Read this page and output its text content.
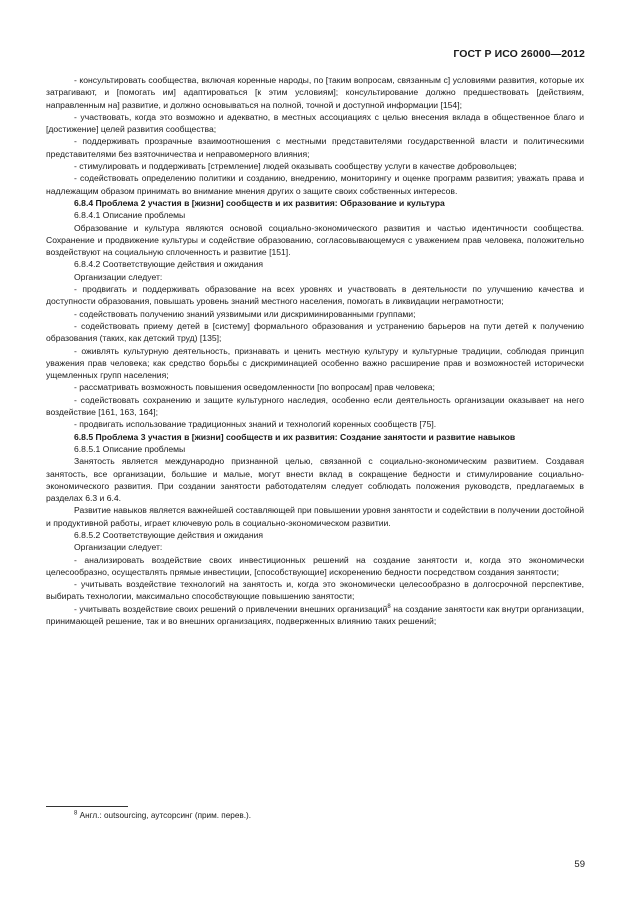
ГОСТ Р ИСО 26000—2012

- консультировать сообщества, включая коренные народы, по [таким вопросам, связанным с] условиями развития, которые их затрагивают, и [помогать им] адаптироваться [к этим условиям]; консультирование должно предшествовать [действиям, направленным на] развитие, и должно основываться на полной, точной и доступной информации [154];

- участвовать, когда это возможно и адекватно, в местных ассоциациях с целью внесения вклада в общественное благо и [достижение] целей развития сообщества;

- поддерживать прозрачные взаимоотношения с местными представителями государственной власти и политическими представителями без взяточничества и неправомерного влияния;

- стимулировать и поддерживать [стремление] людей оказывать сообществу услуги в качестве добровольцев;

- содействовать определению политики и созданию, внедрению, мониторингу и оценке программ развития; уважать права и надлежащим образом принимать во внимание мнения других о защите своих собственных интересов.

6.8.4 Проблема 2 участия в [жизни] сообществ и их развития: Образование и культура

6.8.4.1 Описание проблемы

Образование и культура являются основой социально-экономического развития и частью идентичности сообщества. Сохранение и продвижение культуры и содействие образованию, согласовывающемуся с уважением прав человека, положительно воздействуют на социальную сплоченность и развитие [151].

6.8.4.2 Соответствующие действия и ожидания

Организации следует:

- продвигать и поддерживать образование на всех уровнях и участвовать в деятельности по улучшению качества и доступности образования, повышать уровень знаний местного населения, помогать в ликвидации неграмотности;

- содействовать получению знаний уязвимыми или дискриминированными группами;

- содействовать приему детей в [систему] формального образования и устранению барьеров на пути детей к получению образования (таких, как детский труд) [135];

- оживлять культурную деятельность, признавать и ценить местную культуру и культурные традиции, соблюдая принцип уважения прав человека; как средство борьбы с дискриминацией особенно важно расширение прав и возможностей исторически ущемленных групп населения;

- рассматривать возможность повышения осведомленности [по вопросам] прав человека;

- содействовать сохранению и защите культурного наследия, особенно если деятельность организации оказывает на него воздействие [161, 163, 164];

- продвигать использование традиционных знаний и технологий коренных сообществ [75].

6.8.5 Проблема 3 участия в [жизни] сообществ и их развития: Создание занятости и развитие навыков

6.8.5.1 Описание проблемы

Занятость является международно признанной целью, связанной с социально-экономическим развитием. Создавая занятость, все организации, большие и малые, могут внести вклад в сокращение бедности и стимулирование социально-экономического развития. При создании занятости работодателям следует соблюдать положения руководств, предлагаемых в разделах 6.3 и 6.4.

Развитие навыков является важнейшей составляющей при повышении уровня занятости и содействии в получении достойной и продуктивной работы, играет ключевую роль в социально-экономическом развитии.

6.8.5.2 Соответствующие действия и ожидания

Организации следует:

- анализировать воздействие своих инвестиционных решений на создание занятости и, когда это экономически целесообразно, осуществлять прямые инвестиции, [способствующие] искоренению бедности посредством создания занятости;

- учитывать воздействие технологий на занятость и, когда это экономически целесообразно в долгосрочной перспективе, выбирать технологии, максимально способствующие повышению занятости;

- учитывать воздействие своих решений о привлечении внешних организаций$^8$ на создание занятости как внутри организации, принимающей решение, так и во внешних организациях, подверженных влиянию таких решений;

$^8$ Англ.: outsourcing, аутсорсинг (прим. перев.).
59
